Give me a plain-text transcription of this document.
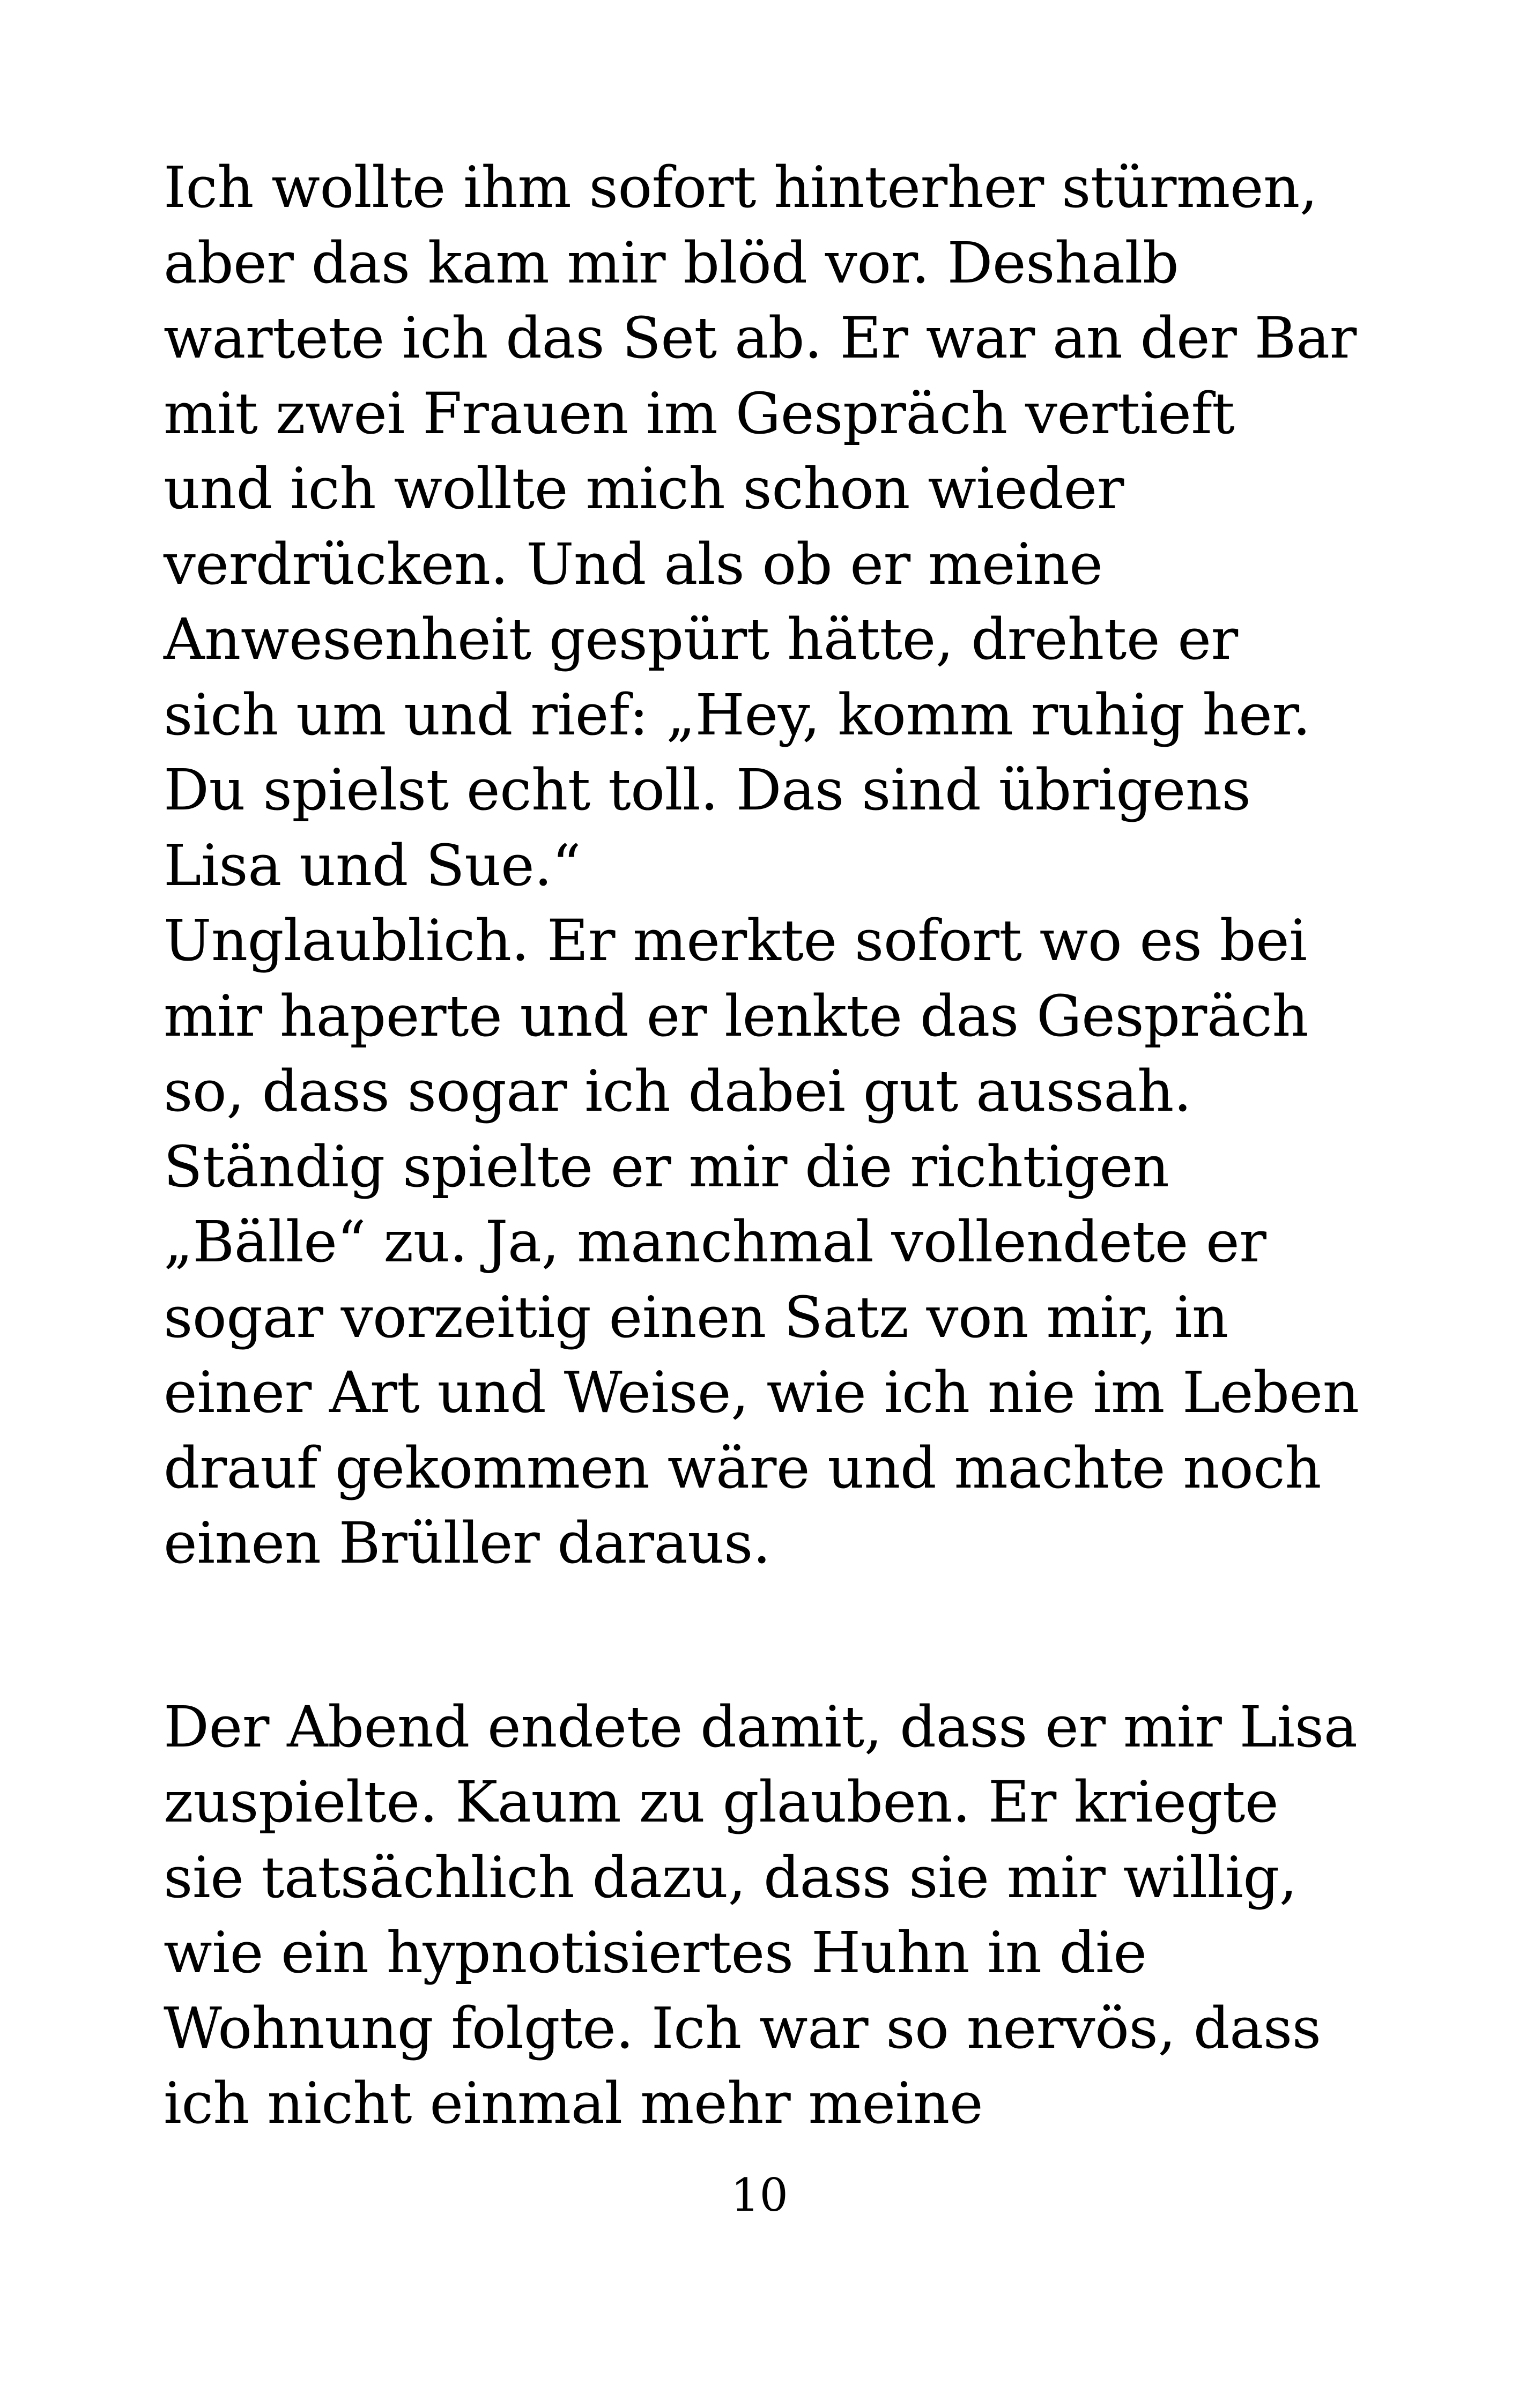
Ich wollte ihm sofort hinterher stürmen,
aber das kam mir blöd vor. Deshalb
wartete ich das Set ab. Er war an der Bar
mit zwei Frauen im Gespräch vertieft
und ich wollte mich schon wieder
verdrücken. Und als ob er meine
Anwesenheit gespürt hätte, drehte er
sich um und rief: „Hey, komm ruhig her.
Du spielst echt toll. Das sind übrigens
Lisa und Sue.“
Unglaublich. Er merkte sofort wo es bei
mir haperte und er lenkte das Gespräch
so, dass sogar ich dabei gut aussah.
Ständig spielte er mir die richtigen
„Bälle“ zu. Ja, manchmal vollendete er
sogar vorzeitig einen Satz von mir, in
einer Art und Weise, wie ich nie im Leben
drauf gekommen wäre und machte noch
einen Brüller daraus.
Der Abend endete damit, dass er mir Lisa
zuspielte. Kaum zu glauben. Er kriegte
sie tatsächlich dazu, dass sie mir willig,
wie ein hypnotisiertes Huhn in die
Wohnung folgte. Ich war so nervös, dass
ich nicht einmal mehr meine
10
